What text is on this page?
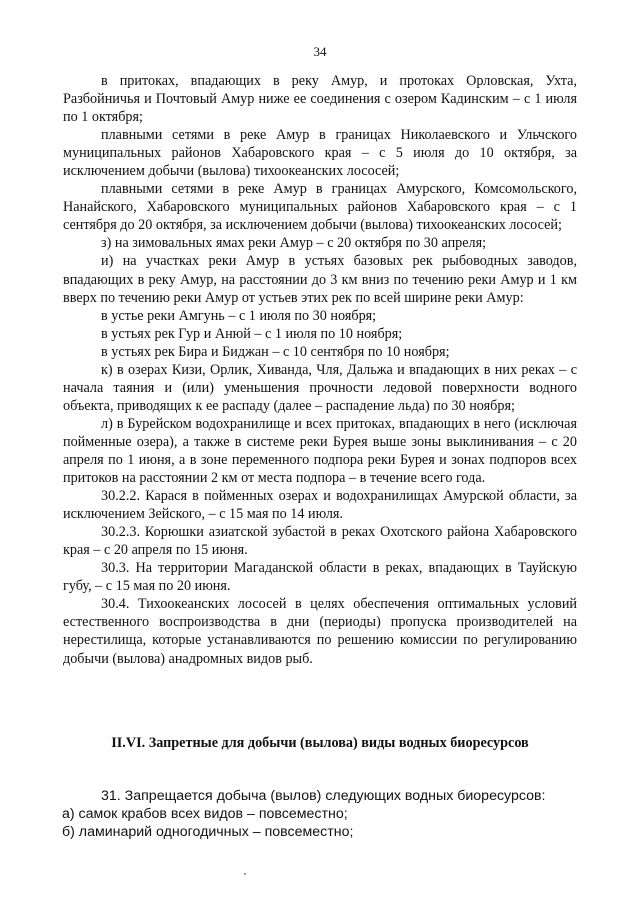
34

в притоках, впадающих в реку Амур, и протоках Орловская, Ухта, Разбойничья и Почтовый Амур ниже ее соединения с озером Кадинским – с 1 июля по 1 октября;

плавными сетями в реке Амур в границах Николаевского и Ульчского муниципальных районов Хабаровского края – с 5 июля до 10 октября, за исключением добычи (вылова) тихоокеанских лососей;

плавными сетями в реке Амур в границах Амурского, Комсомольского, Нанайского, Хабаровского муниципальных районов Хабаровского края – с 1 сентября до 20 октября, за исключением добычи (вылова) тихоокеанских лососей;

з) на зимовальных ямах реки Амур – с 20 октября по 30 апреля;

и) на участках реки Амур в устьях базовых рек рыбоводных заводов, впадающих в реку Амур, на расстоянии до 3 км вниз по течению реки Амур и 1 км вверх по течению реки Амур от устьев этих рек по всей ширине реки Амур:

в устье реки Амгунь – с 1 июля по 30 ноября;

в устьях рек Гур и Анюй – с 1 июля по 10 ноября;

в устьях рек Бира и Биджан – с 10 сентября по 10 ноября;

к) в озерах Кизи, Орлик, Хиванда, Чля, Дальжа и впадающих в них реках – с начала таяния и (или) уменьшения прочности ледовой поверхности водного объекта, приводящих к ее распаду (далее – распадение льда) по 30 ноября;

л) в Бурейском водохранилище и всех притоках, впадающих в него (исключая пойменные озера), а также в системе реки Бурея выше зоны выклинивания – с 20 апреля по 1 июня, а в зоне переменного подпора реки Бурея и зонах подпоров всех притоков на расстоянии 2 км от места подпора – в течение всего года.

30.2.2. Карася в пойменных озерах и водохранилищах Амурской области, за исключением Зейского, – с 15 мая по 14 июля.

30.2.3. Корюшки азиатской зубастой в реках Охотского района Хабаровского края – с 20 апреля по 15 июня.

30.3. На территории Магаданской области в реках, впадающих в Тауйскую губу, – с 15 мая по 20 июня.

30.4. Тихоокеанских лососей в целях обеспечения оптимальных условий естественного воспроизводства в дни (периоды) пропуска производителей на нерестилища, которые устанавливаются по решению комиссии по регулированию добычи (вылова) анадромных видов рыб.

II.VI. Запретные для добычи (вылова) виды водных биоресурсов

31. Запрещается добыча (вылов) следующих водных биоресурсов:

а) самок крабов всех видов – повсеместно;

б) ламинарий одногодичных – повсеместно;
